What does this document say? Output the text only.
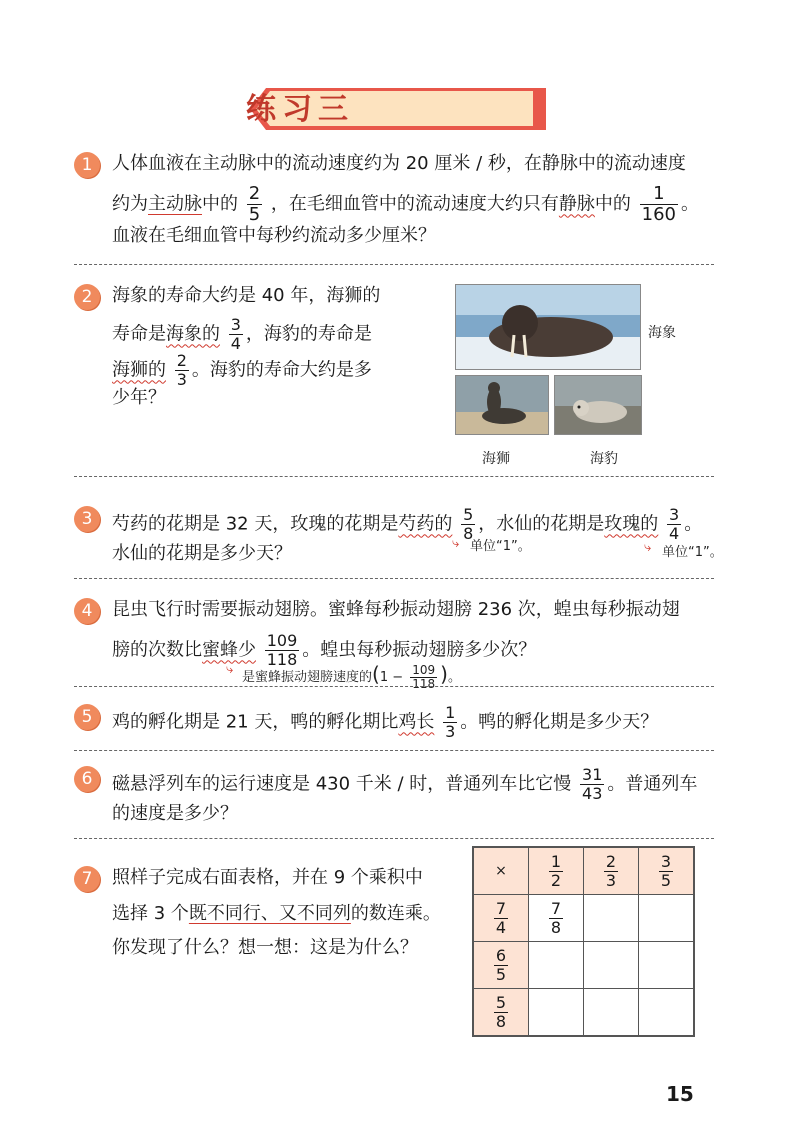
练习三
1	人体血液在主动脉中的流动速度约为 20 厘米 / 秒，在静脉中的流动速度
约为主动脉中的 $\frac{2}{5}$ ，在毛细血管中的流动速度大约只有静脉中的 $\frac{1}{160}$ 。
血液在毛细血管中每秒约流动多少厘米？
2	海象的寿命大约是 40 年，海狮的
寿命是海象的 $\frac{3}{4}$ ，海豹的寿命是
海狮的 $\frac{2}{3}$ 。海豹的寿命大约是多
少年？
海象
海狮	海豹
3	芍药的花期是 32 天，玫瑰的花期是芍药的 $\frac{5}{8}$ ，水仙的花期是玫瑰的 $\frac{3}{4}$ 。
水仙的花期是多少天？	⤷ 单位“1”。	⤷ 单位“1”。
4	昆虫飞行时需要振动翅膀。蜜蜂每秒振动翅膀 236 次，蝗虫每秒振动翅
膀的次数比蜜蜂少 $\frac{109}{118}$ 。蝗虫每秒振动翅膀多少次？
⤷
是蜜蜂振动翅膀速度的($1 - \frac{109}{118}$ )。
5	鸡的孵化期是 21 天，鸭的孵化期比鸡长 $\frac{1}{3}$ 。鸭的孵化期是多少天？
6	磁悬浮列车的运行速度是 430 千米 / 时，普通列车比它慢 $\frac{31}{43}$ 。普通列车
的速度是多少？
7	照样子完成右面表格，并在 9 个乘积中
选择 3 个既不同行、又不同列的数连乘。
你发现了什么？想一想：这是为什么？
×	$\frac{1}{2}$	$\frac{2}{3}$	$\frac{3}{5}$

$\frac{7}{4}$	$\frac{7}{8}$

$\frac{6}{5}$

$\frac{5}{8}$

15
